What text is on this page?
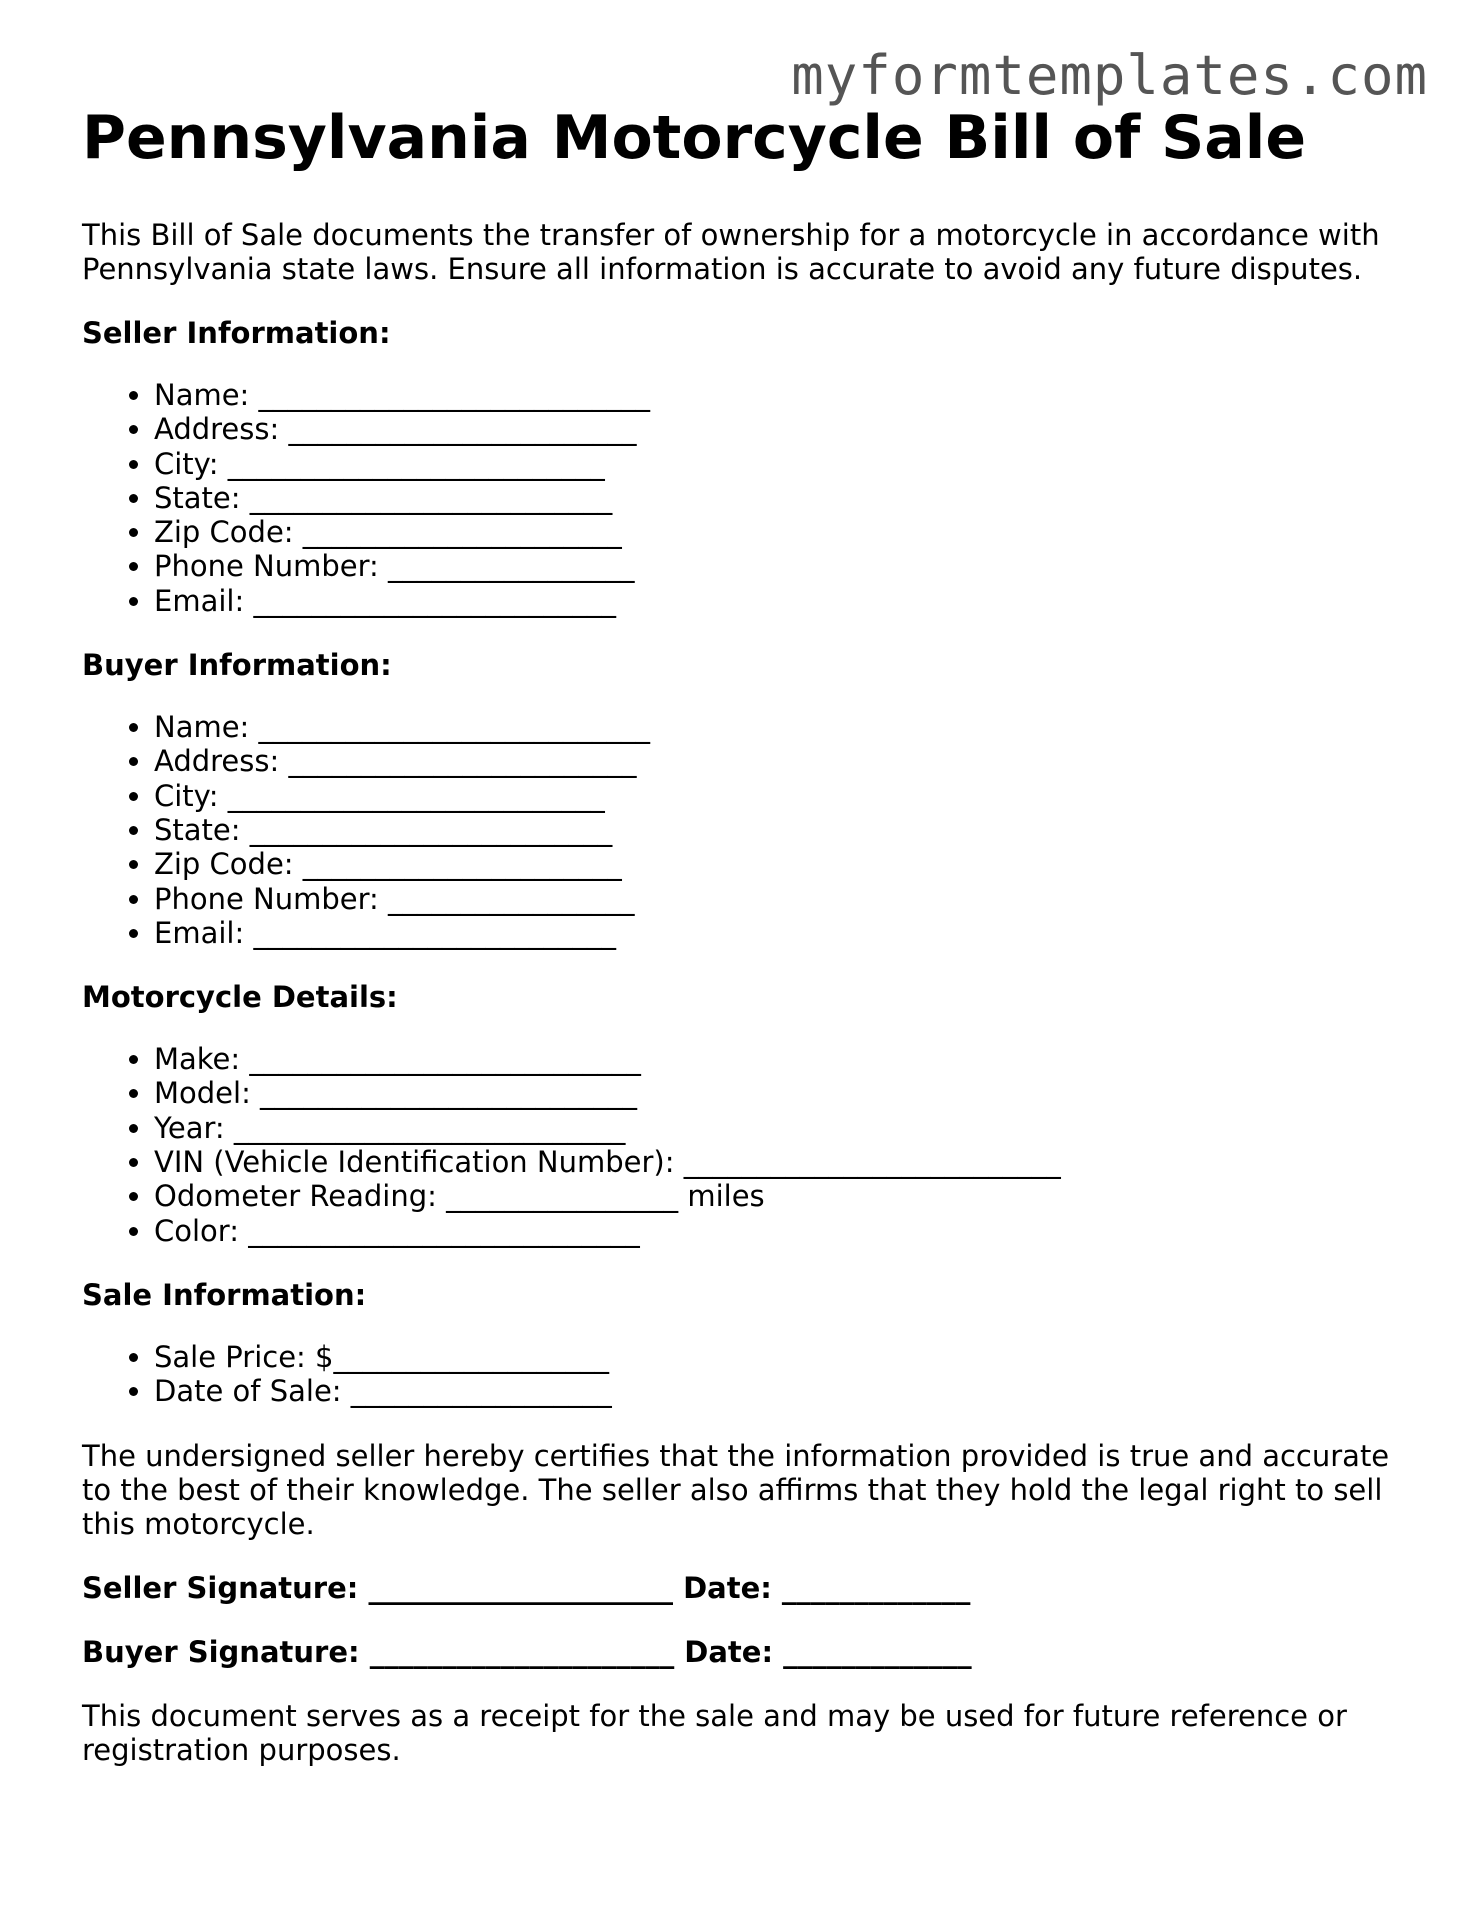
myformtemplates.com
Pennsylvania Motorcycle Bill of Sale

This Bill of Sale documents the transfer of ownership for a motorcycle in accordance with Pennsylvania state laws. Ensure all information is accurate to avoid any future disputes.

Seller Information:
• Name: ___________________________
• Address: ________________________
• City: __________________________
• State: _________________________
• Zip Code: ______________________
• Phone Number: _________________
• Email: _________________________
Buyer Information:
• Name: ___________________________
• Address: ________________________
• City: __________________________
• State: _________________________
• Zip Code: ______________________
• Phone Number: _________________
• Email: _________________________
Motorcycle Details:
• Make: ___________________________
• Model: __________________________
• Year: ___________________________
• VIN (Vehicle Identification Number): __________________________
• Odometer Reading: ________________ miles
• Color: ___________________________
Sale Information:
• Sale Price: $___________________
• Date of Sale: __________________

The undersigned seller hereby certifies that the information provided is true and accurate to the best of their knowledge. The seller also affirms that they hold the legal right to sell this motorcycle.

Seller Signature: _____________________ Date: _____________
Buyer Signature: _____________________ Date: _____________

This document serves as a receipt for the sale and may be used for future reference or registration purposes.
